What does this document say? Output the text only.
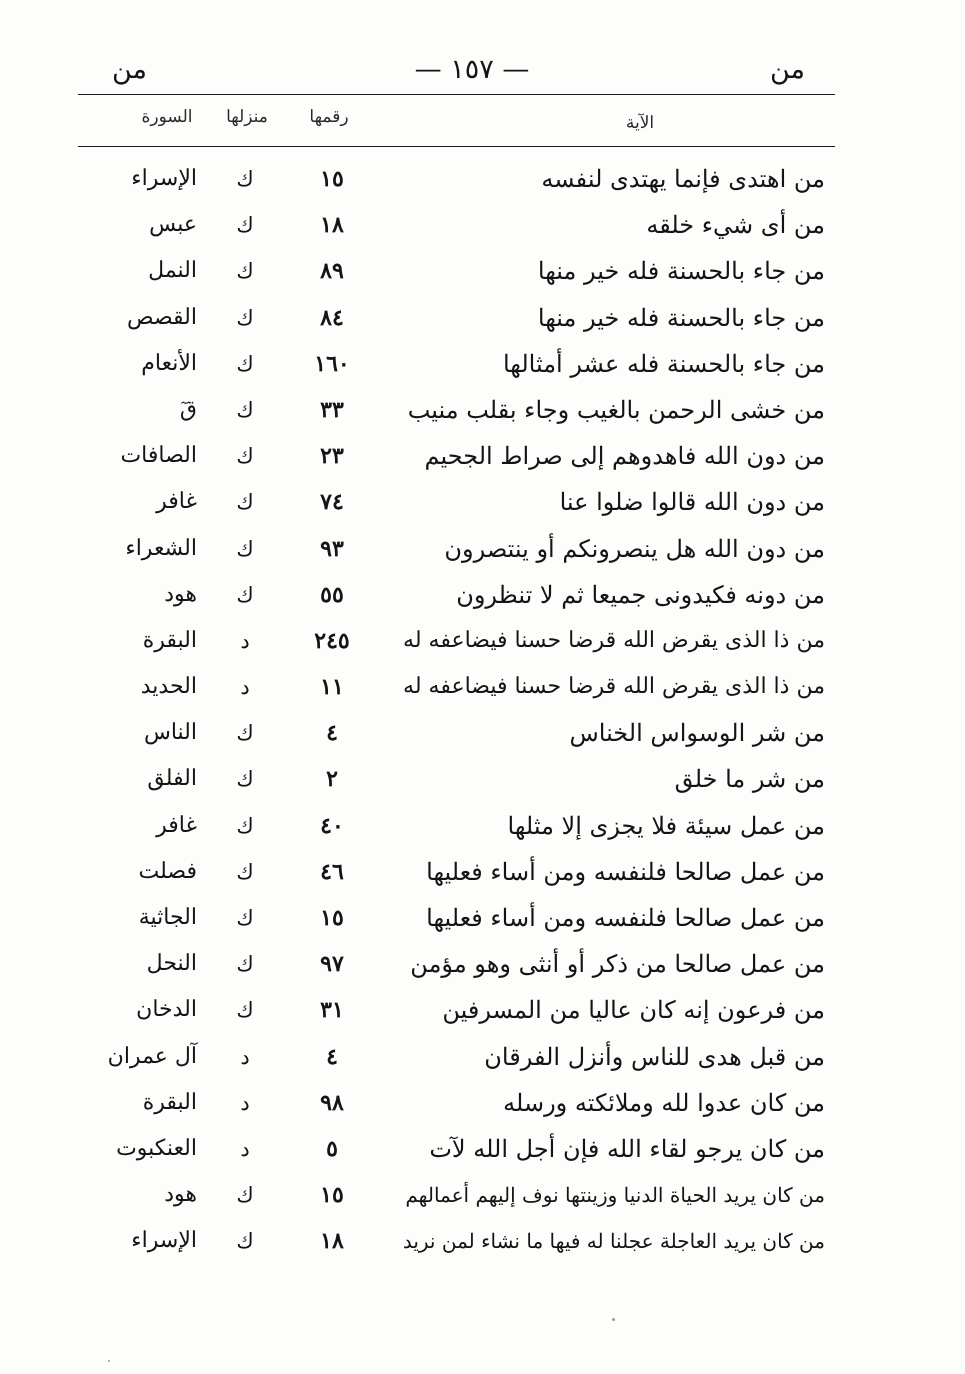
من	— ١٥٧ —	من
الآية
رقمها
منزلها
السورة
من اهتدى فإنما يهتدى لنفسه
١٥
ك
الإسراء
من أى شيء خلقه
١٨
ك
عبس
من جاء بالحسنة فله خير منها
٨٩
ك
النمل
من جاء بالحسنة فله خير منها
٨٤
ك
القصص
من جاء بالحسنة فله عشر أمثالها
١٦٠
ك
الأنعام
من خشى الرحمن بالغيب وجاء بقلب منيب
٣٣
ك
قٓ
من دون الله فاهدوهم إلى صراط الجحيم
٢٣
ك
الصافات
من دون الله قالوا ضلوا عنا
٧٤
ك
غافر
من دون الله هل ينصرونكم أو ينتصرون
٩٣
ك
الشعراء
من دونه فكيدونى جميعا ثم لا تنظرون
٥٥
ك
هود
من ذا الذى يقرض الله قرضا حسنا فيضاعفه له
٢٤٥
د
البقرة
من ذا الذى يقرض الله قرضا حسنا فيضاعفه له
١١
د
الحديد
من شر الوسواس الخناس
٤
ك
الناس
من شر ما خلق
٢
ك
الفلق
من عمل سيئة فلا يجزى إلا مثلها
٤٠
ك
غافر
من عمل صالحا فلنفسه ومن أساء فعليها
٤٦
ك
فصلت
من عمل صالحا فلنفسه ومن أساء فعليها
١٥
ك
الجاثية
من عمل صالحا من ذكر أو أنثى وهو مؤمن
٩٧
ك
النحل
من فرعون إنه كان عاليا من المسرفين
٣١
ك
الدخان
من قبل هدى للناس وأنزل الفرقان
٤
د
آل عمران
من كان عدوا لله وملائكته ورسله
٩٨
د
البقرة
من كان يرجو لقاء الله فإن أجل الله لآت
٥
د
العنكبوت
من كان يريد الحياة الدنيا وزينتها نوف إليهم أعمالهم
١٥
ك
هود
من كان يريد العاجلة عجلنا له فيها ما نشاء لمن نريد
١٨
ك
الإسراء
